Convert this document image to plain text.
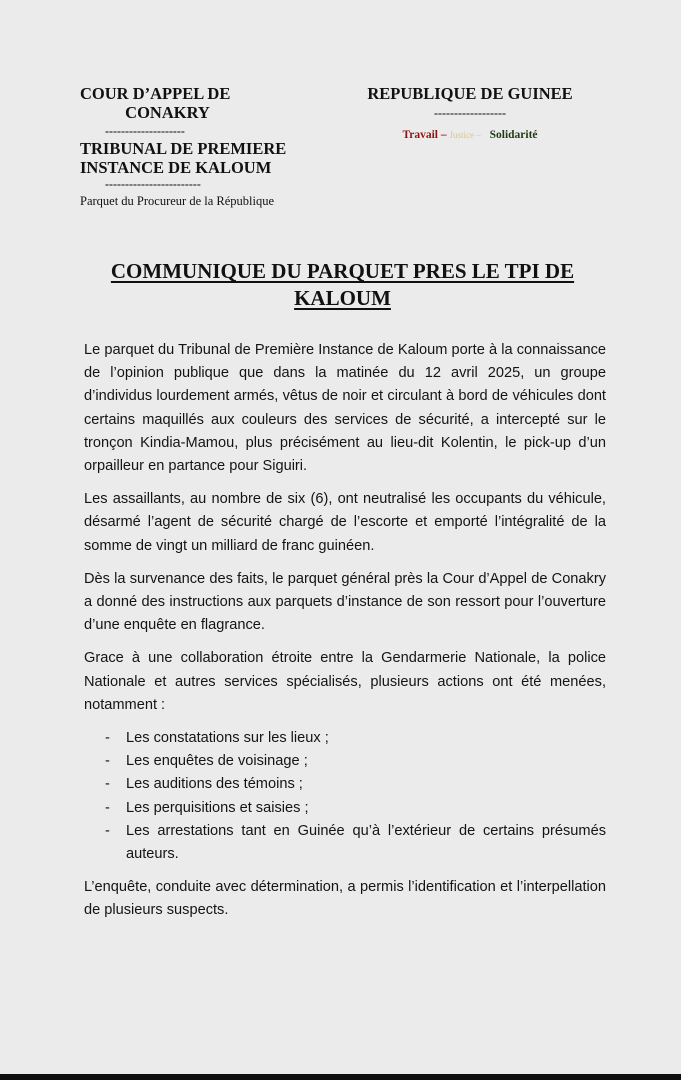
COUR D’APPEL DE

CONAKRY

--------------------

TRIBUNAL DE PREMIERE

INSTANCE DE KALOUM

------------------------
Parquet du Procureur de la République

REPUBLIQUE DE GUINEE

------------------
Travail – Justice – Solidarité
COMMUNIQUE DU PARQUET PRES LE TPI DE
KALOUM

Le parquet du Tribunal de Première Instance de Kaloum porte à la connaissance de l’opinion publique que dans la matinée du 12 avril 2025, un groupe d’individus lourdement armés, vêtus de noir et circulant à bord de véhicules dont certains maquillés aux couleurs des services de sécurité, a intercepté sur le tronçon Kindia-Mamou, plus précisément au lieu-dit Kolentin, le pick-up d’un orpailleur en partance pour Siguiri.

Les assaillants, au nombre de six (6), ont neutralisé les occupants du véhicule, désarmé l’agent de sécurité chargé de l’escorte et emporté l’intégralité de la somme de vingt un milliard de franc guinéen.

Dès la survenance des faits, le parquet général près la Cour d’Appel de Conakry a donné des instructions aux parquets d’instance de son ressort pour l’ouverture d’une enquête en flagrance.

Grace à une collaboration étroite entre la Gendarmerie Nationale, la police Nationale et autres services spécialisés, plusieurs actions ont été menées, notamment :

- Les constatations sur les lieux ;
- Les enquêtes de voisinage ;
- Les auditions des témoins ;
- Les perquisitions et saisies ;
- Les arrestations tant en Guinée qu’à l’extérieur de certains présumés auteurs.

L’enquête, conduite avec détermination, a permis l’identification et l’interpellation de plusieurs suspects.
